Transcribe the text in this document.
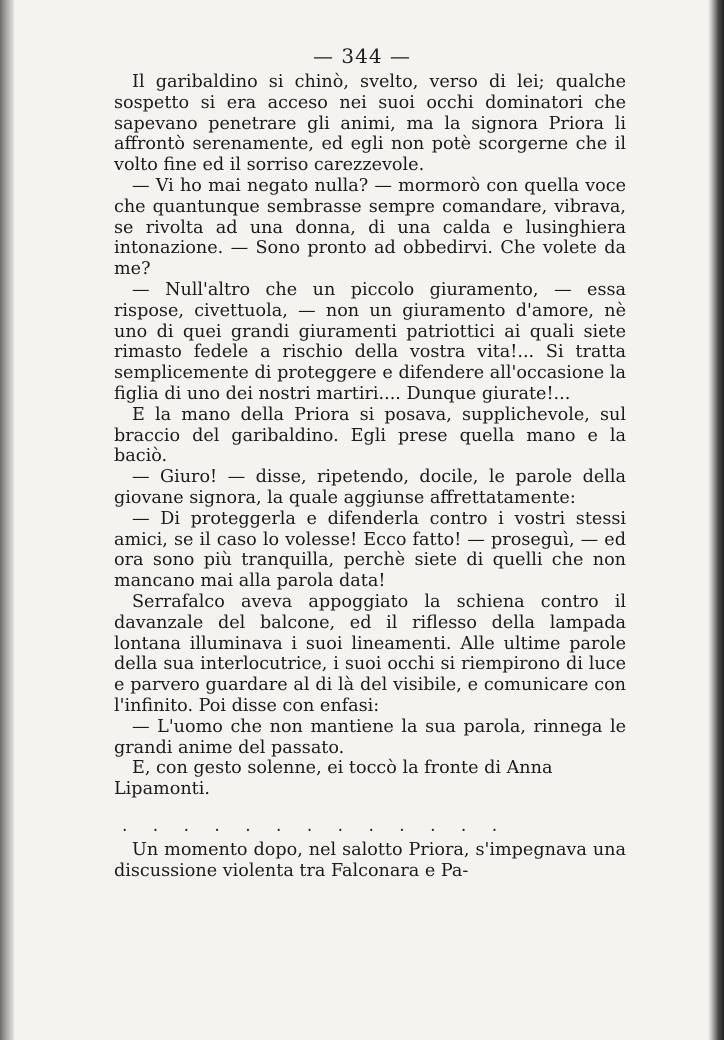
— 344 —

Il garibaldino si chinò, svelto, verso di lei; qualche sospetto si era acceso nei suoi occhi dominatori che sapevano penetrare gli animi, ma la signora Priora li affrontò serenamente, ed egli non potè scorgerne che il volto fine ed il sorriso carezzevole.

— Vi ho mai negato nulla? — mormorò con quella voce che quantunque sembrasse sempre comandare, vibrava, se rivolta ad una donna, di una calda e lusinghiera intonazione. — Sono pronto ad obbedirvi. Che volete da me?

— Null'altro che un piccolo giuramento, — essa rispose, civettuola, — non un giuramento d'amore, nè uno di quei grandi giuramenti patriottici ai quali siete rimasto fedele a rischio della vostra vita!... Si tratta semplicemente di proteggere e difendere all'occasione la figlia di uno dei nostri martiri.... Dunque giurate!...

E la mano della Priora si posava, supplichevole, sul braccio del garibaldino. Egli prese quella mano e la baciò.

— Giuro! — disse, ripetendo, docile, le parole della giovane signora, la quale aggiunse affrettatamente:

— Di proteggerla e difenderla contro i vostri stessi amici, se il caso lo volesse! Ecco fatto! — proseguì, — ed ora sono più tranquilla, perchè siete di quelli che non mancano mai alla parola data!

Serrafalco aveva appoggiato la schiena contro il davanzale del balcone, ed il riflesso della lampada lontana illuminava i suoi lineamenti. Alle ultime parole della sua interlocutrice, i suoi occhi si riempirono di luce e parvero guardare al di là del visibile, e comunicare con l'infinito. Poi disse con enfasi:

— L'uomo che non mantiene la sua parola, rinnega le grandi anime del passato.

E, con gesto solenne, ei toccò la fronte di Anna Lipamonti.

. . . . . . . . . . . . .

Un momento dopo, nel salotto Priora, s'impegnava una discussione violenta tra Falconara e Pa-
